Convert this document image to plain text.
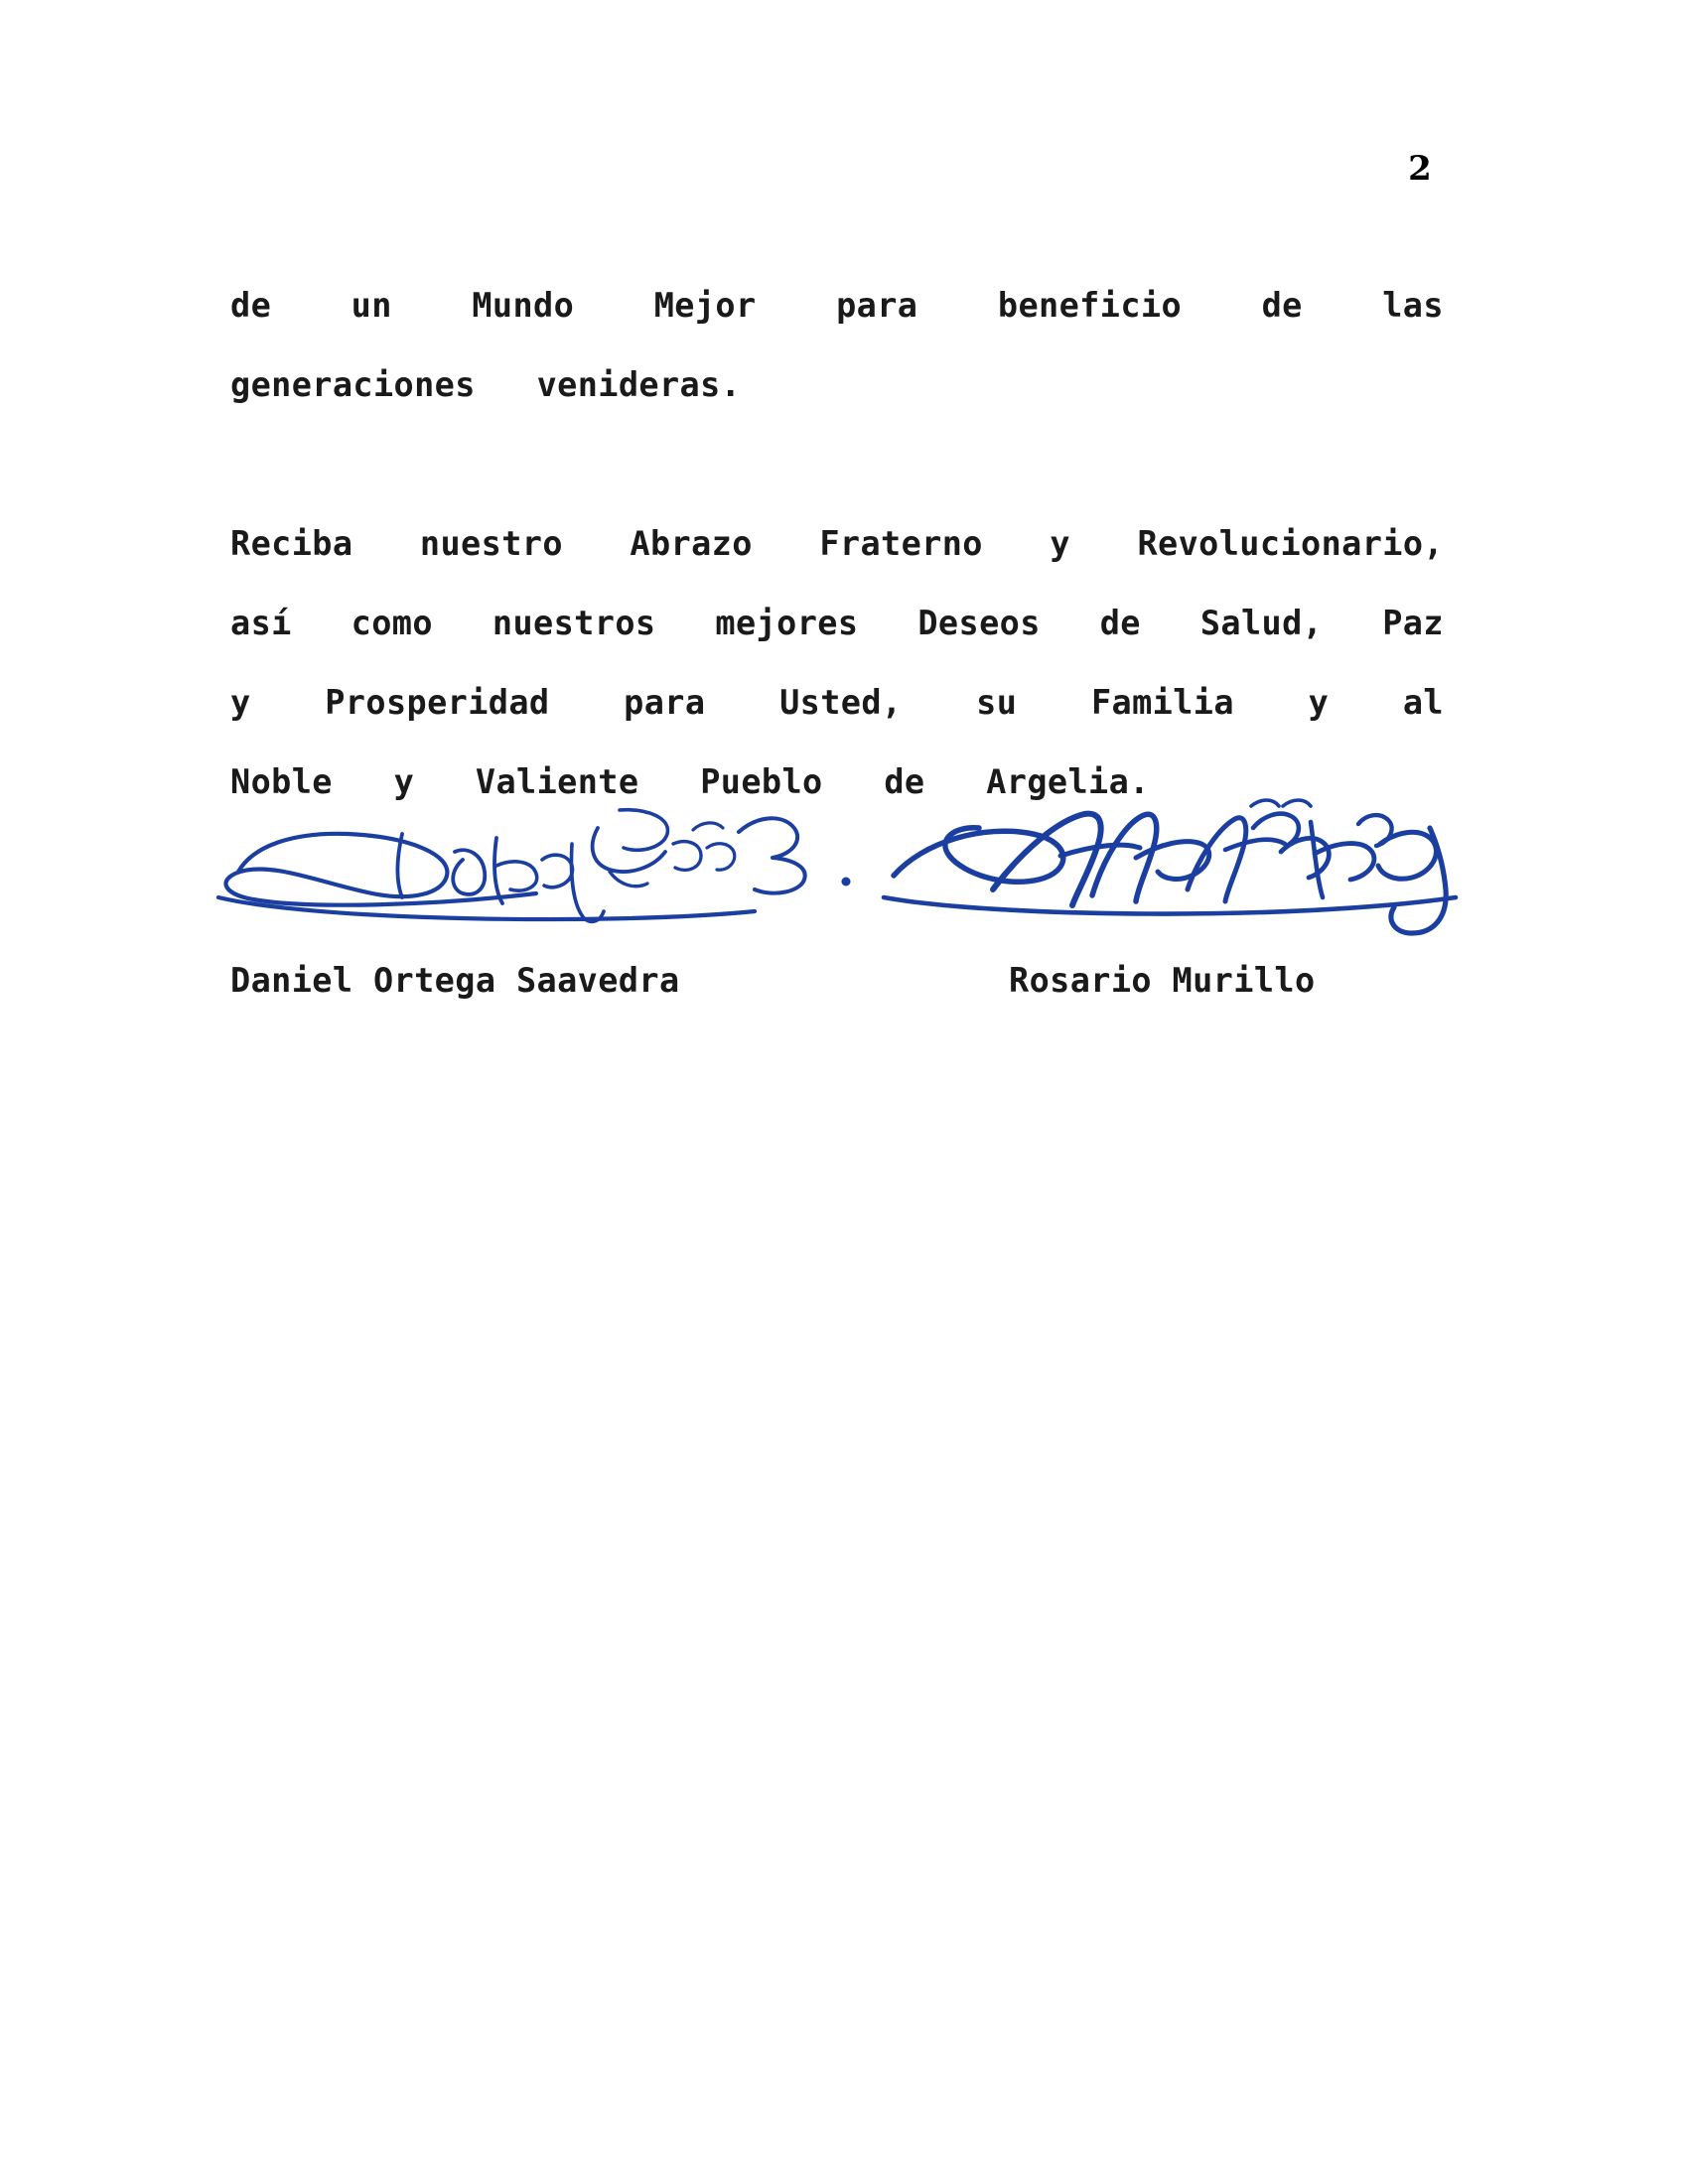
2
de un Mundo Mejor para beneficio de las
generaciones venideras.
Reciba nuestro Abrazo Fraterno y Revolucionario,
así como nuestros mejores Deseos de Salud, Paz
y Prosperidad para Usted, su Familia y al
Noble y Valiente Pueblo de Argelia.
Daniel Ortega Saavedra	Rosario Murillo
